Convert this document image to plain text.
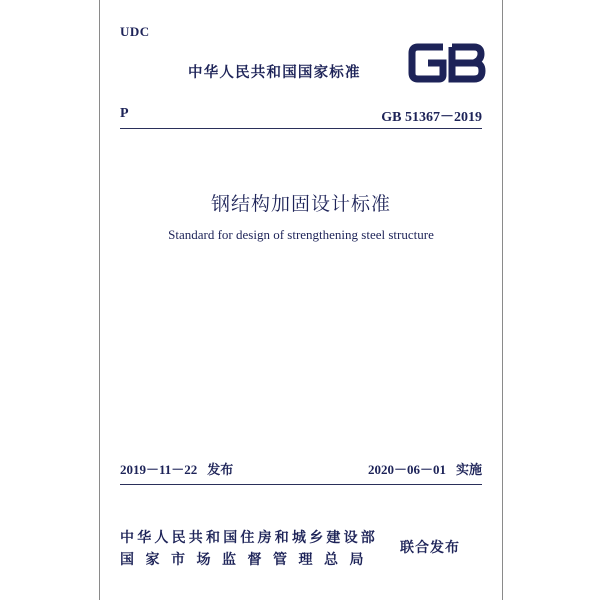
UDC
中华人民共和国国家标准
P	GB 51367－2019
钢结构加固设计标准
Standard for design of strengthening steel structure
2019－11－22 发布	2020－06－01 实施
中华人民共和国住房和城乡建设部
国家市场监督管理总局
联合发布
